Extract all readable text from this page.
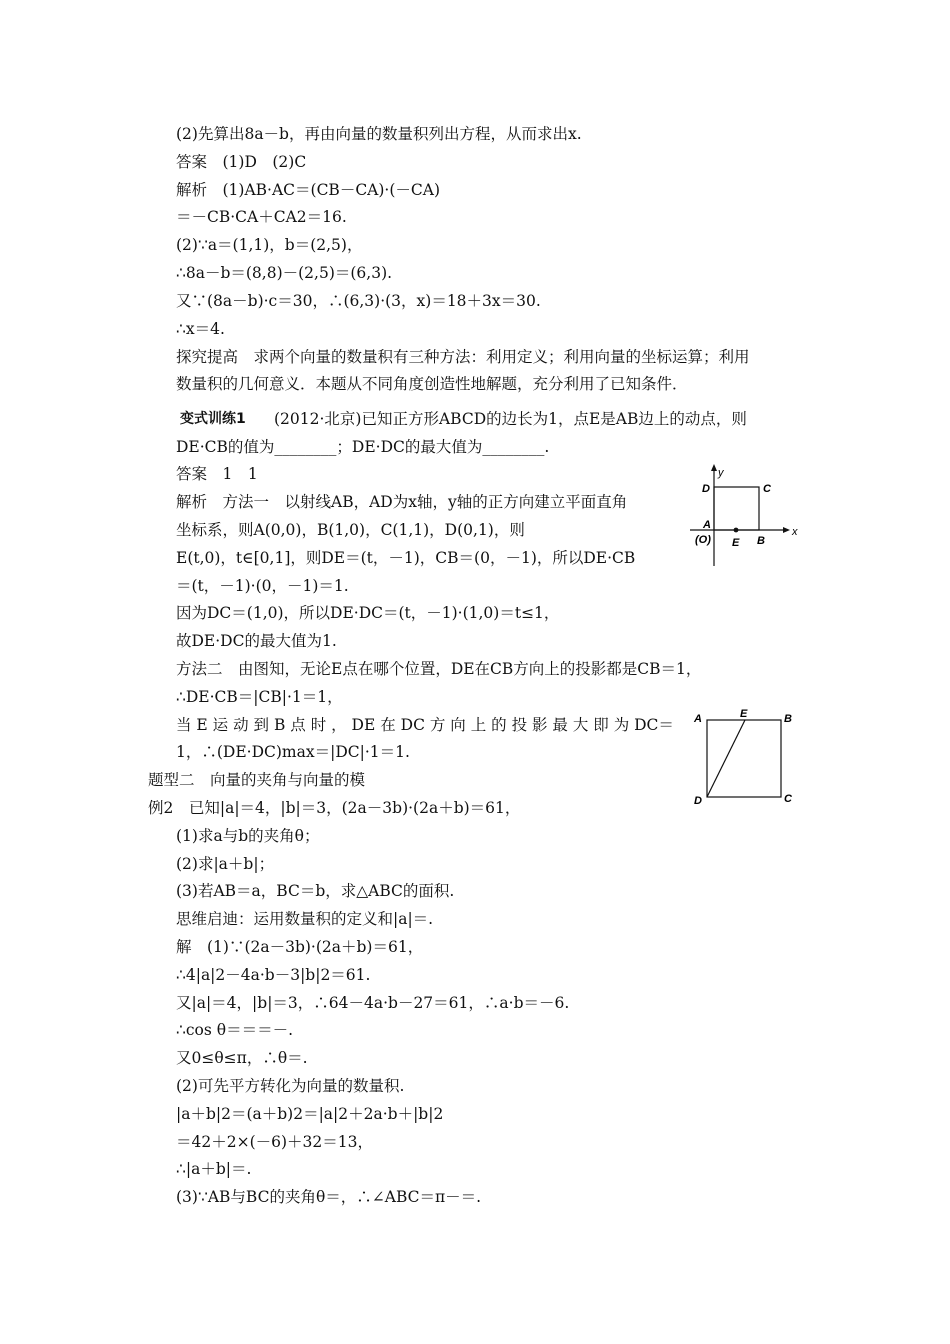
(2)先算出8a－b，再由向量的数量积列出方程，从而求出x.
答案　(1)D　(2)C
解析　(1)AB·AC＝(CB－CA)·(－CA)
＝－CB·CA＋CA2＝16.
(2)∵a＝(1,1)，b＝(2,5)，
∴8a－b＝(8,8)－(2,5)＝(6,3).
又∵(8a－b)·c＝30，∴(6,3)·(3，x)＝18＋3x＝30.
∴x＝4.
探究提高　求两个向量的数量积有三种方法：利用定义；利用向量的坐标运算；利用
数量积的几何意义．本题从不同角度创造性地解题，充分利用了已知条件．
变式训练1 (2012·北京)已知正方形ABCD的边长为1，点E是AB边上的动点，则
DE·CB的值为________；DE·DC的最大值为________.
答案　1　1
解析　方法一　以射线AB，AD为x轴，y轴的正方向建立平面直角
坐标系，则A(0,0)，B(1,0)，C(1,1)，D(0,1)，则
E(t,0)，t∈[0,1]，则DE＝(t，－1)，CB＝(0，－1)，所以DE·CB
＝(t，－1)·(0，－1)＝1.
因为DC＝(1,0)，所以DE·DC＝(t，－1)·(1,0)＝t≤1，
故DE·DC的最大值为1.
方法二　由图知，无论E点在哪个位置，DE在CB方向上的投影都是CB＝1，
∴DE·CB＝|CB|·1＝1，
当 E 运 动 到 B 点 时 ， DE 在 DC 方 向 上 的 投 影 最 大 即 为 DC＝
1，∴(DE·DC)max＝|DC|·1＝1.
题型二　向量的夹角与向量的模
例2　已知|a|＝4，|b|＝3，(2a－3b)·(2a＋b)＝61，
(1)求a与b的夹角θ；
(2)求|a＋b|；
(3)若AB＝a，BC＝b，求△ABC的面积.
思维启迪：运用数量积的定义和|a|＝.
解　(1)∵(2a－3b)·(2a＋b)＝61，
∴4|a|2－4a·b－3|b|2＝61.
又|a|＝4，|b|＝3，∴64－4a·b－27＝61，∴a·b＝－6.
∴cos θ＝＝＝－.
又0≤θ≤π，∴θ＝.
(2)可先平方转化为向量的数量积.
|a＋b|2＝(a＋b)2＝|a|2＋2a·b＋|b|2
＝42＋2×(－6)＋32＝13，
∴|a＋b|＝.
(3)∵AB与BC的夹角θ＝，∴∠ABC＝π－＝.
y
x
D	C
A
(O) E B
A	E	B
D	C
